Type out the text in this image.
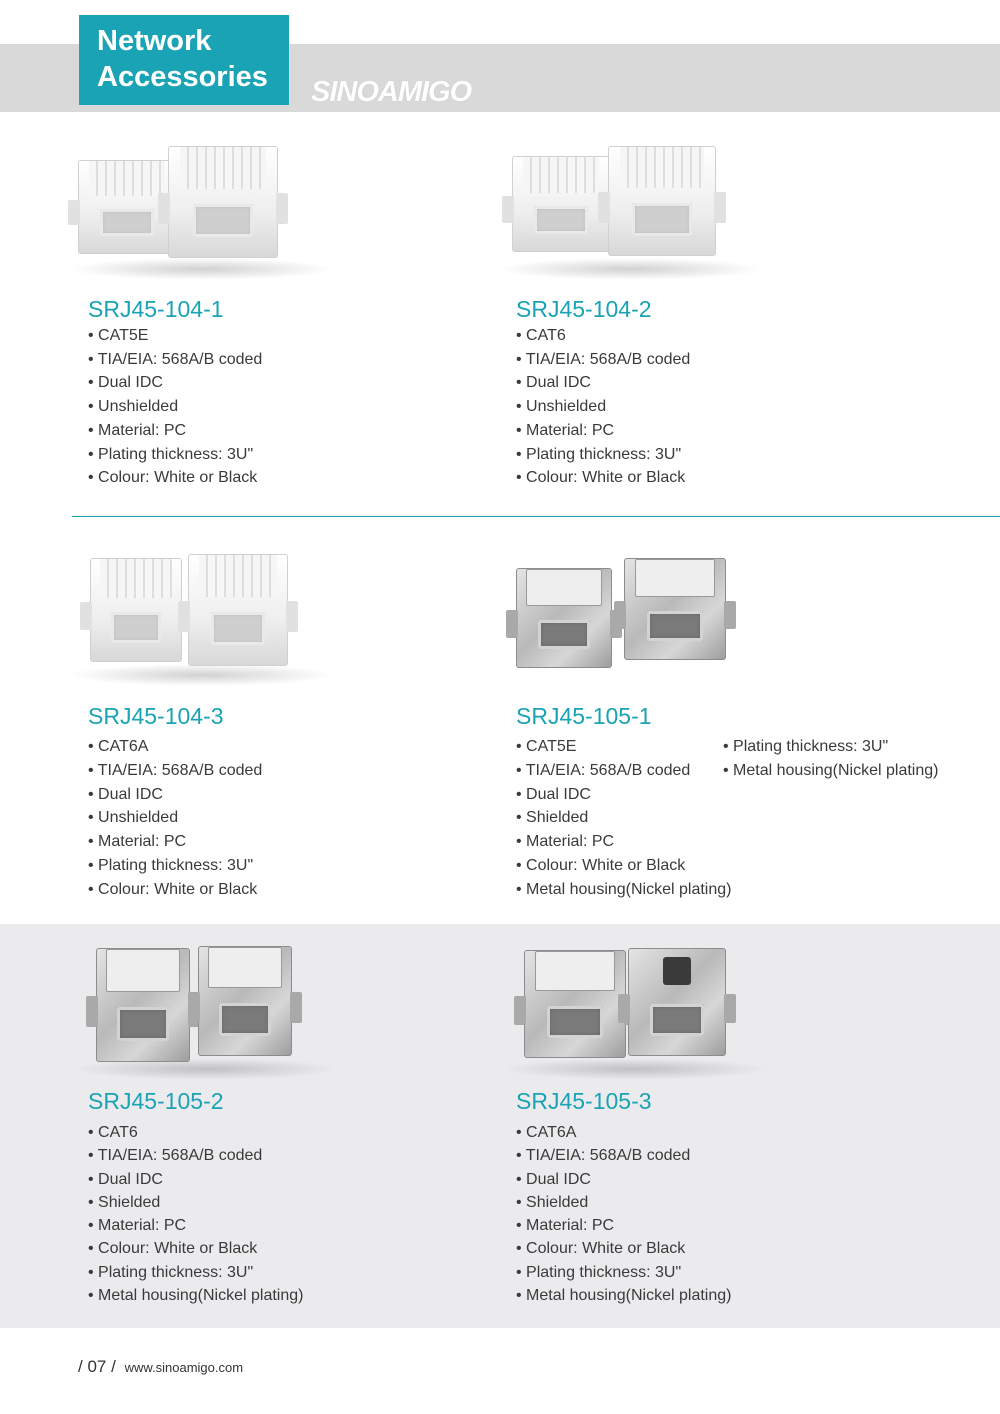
Network
Accessories	SINOAMIGO
SRJ45-104-1
• CAT5E
• TIA/EIA: 568A/B coded
• Dual IDC
• Unshielded
• Material: PC
• Plating thickness: 3U"
• Colour: White or Black
SRJ45-104-2
• CAT6
• TIA/EIA: 568A/B coded
• Dual IDC
• Unshielded
• Material: PC
• Plating thickness: 3U"
• Colour: White or Black
SRJ45-104-3
• CAT6A
• TIA/EIA: 568A/B coded
• Dual IDC
• Unshielded
• Material: PC
• Plating thickness: 3U"
• Colour: White or Black
SRJ45-105-1
• CAT5E
• TIA/EIA: 568A/B coded
• Dual IDC
• Shielded
• Material: PC
• Colour: White or Black
• Metal housing(Nickel plating)
• Plating thickness: 3U"
• Metal housing(Nickel plating)
SRJ45-105-2
• CAT6
• TIA/EIA: 568A/B coded
• Dual IDC
• Shielded
• Material: PC
• Colour: White or Black
• Plating thickness: 3U"
• Metal housing(Nickel plating)
SRJ45-105-3
• CAT6A
• TIA/EIA: 568A/B coded
• Dual IDC
• Shielded
• Material: PC
• Colour: White or Black
• Plating thickness: 3U"
• Metal housing(Nickel plating)
/ 07 / www.sinoamigo.com
